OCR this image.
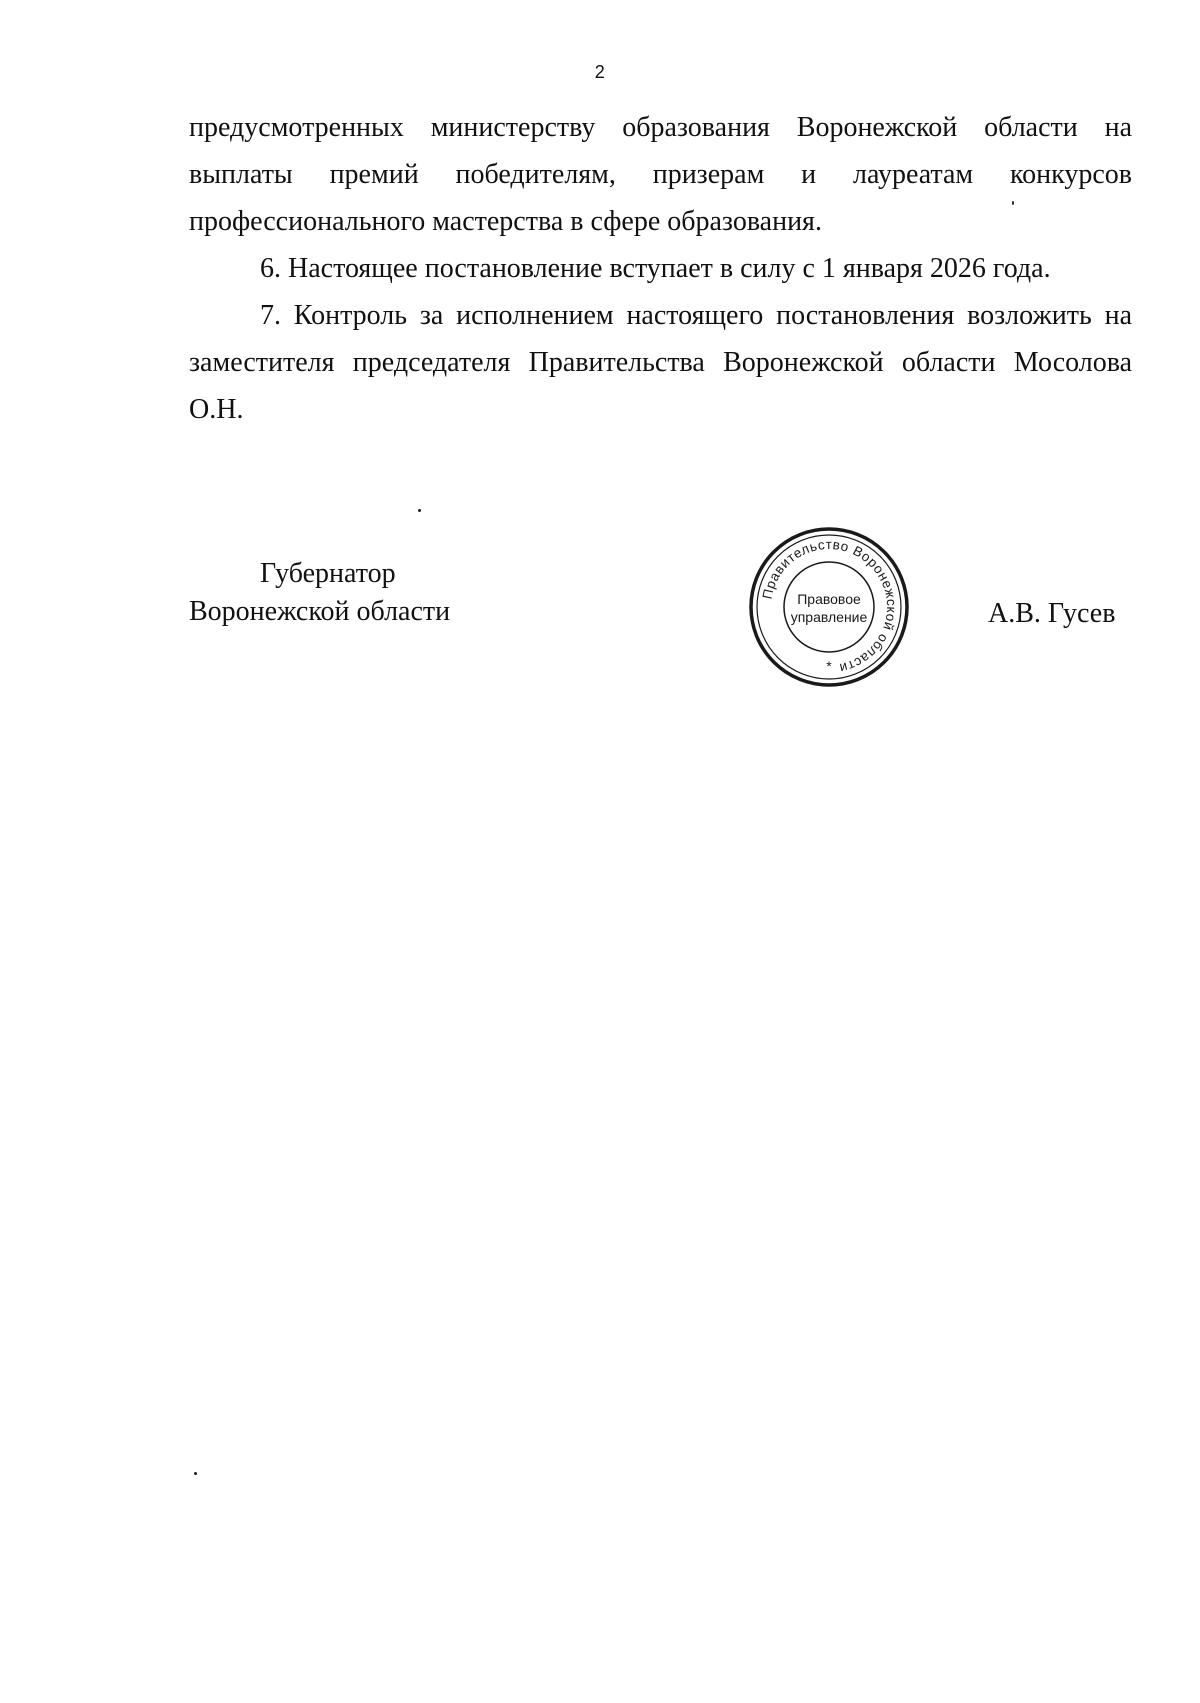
2

предусмотренных министерству образования Воронежской области на выплаты премий победителям, призерам и лауреатам конкурсов профессионального мастерства в сфере образования.

6. Настоящее постановление вступает в силу с 1 января 2026 года.

7. Контроль за исполнением настоящего постановления возложить на заместителя председателя Правительства Воронежской области Мосолова О.Н.

Губернатор
Воронежской области
Правительство Воронежской области
Правовое
управление
*
А.В. Гусев
